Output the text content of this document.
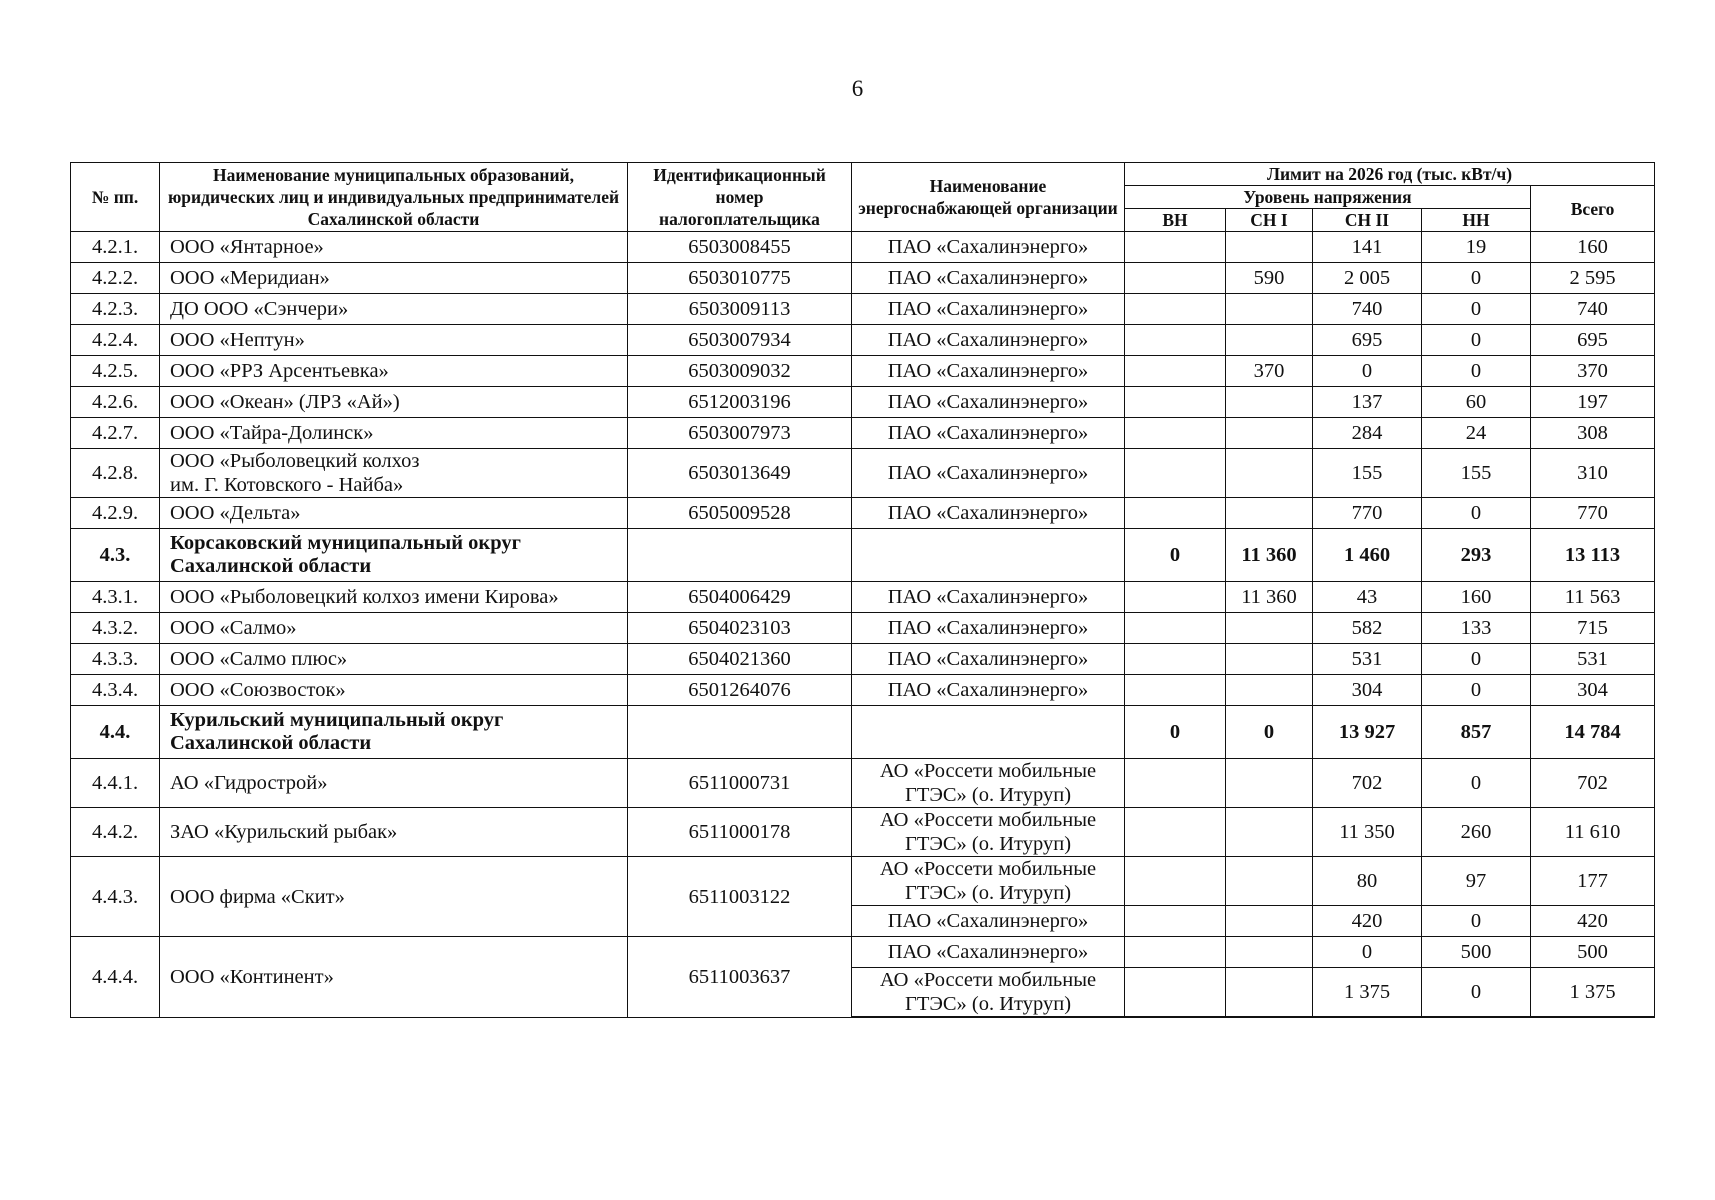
6
№ пп.	Наименование муниципальных образований, юридических лиц и индивидуальных предпринимателей Сахалинской области	Идентификационный номер налогоплательщика	Наименование энергоснабжающей организации	Лимит на 2026 год (тыс. кВт/ч)				
				Уровень напряжения				Всего
				ВН	СН I	СН II	НН	
4.2.1.	ООО «Янтарное»	6503008455	ПАО «Сахалинэнерго»			141	19	160
4.2.2.	ООО «Меридиан»	6503010775	ПАО «Сахалинэнерго»		590	2 005	0	2 595
4.2.3.	ДО ООО «Сэнчери»	6503009113	ПАО «Сахалинэнерго»			740	0	740
4.2.4.	ООО «Нептун»	6503007934	ПАО «Сахалинэнерго»			695	0	695
4.2.5.	ООО «РРЗ Арсентьевка»	6503009032	ПАО «Сахалинэнерго»		370	0	0	370
4.2.6.	ООО «Океан» (ЛРЗ «Ай»)	6512003196	ПАО «Сахалинэнерго»			137	60	197
4.2.7.	ООО «Тайра-Долинск»	6503007973	ПАО «Сахалинэнерго»			284	24	308
4.2.8.	ООО «Рыболовецкий колхоз
им. Г. Котовского - Найба»	6503013649	ПАО «Сахалинэнерго»			155	155	310
4.2.9.	ООО «Дельта»	6505009528	ПАО «Сахалинэнерго»			770	0	770
4.3.	Корсаковский муниципальный округ
Сахалинской области			0	11 360	1 460	293	13 113
4.3.1.	ООО «Рыболовецкий колхоз имени Кирова»	6504006429	ПАО «Сахалинэнерго»		11 360	43	160	11 563
4.3.2.	ООО «Салмо»	6504023103	ПАО «Сахалинэнерго»			582	133	715
4.3.3.	ООО «Салмо плюс»	6504021360	ПАО «Сахалинэнерго»			531	0	531
4.3.4.	ООО «Союзвосток»	6501264076	ПАО «Сахалинэнерго»			304	0	304
4.4.	Курильский муниципальный округ
Сахалинской области			0	0	13 927	857	14 784
4.4.1.	АО «Гидрострой»	6511000731	АО «Россети мобильные
ГТЭС» (о. Итуруп)			702	0	702
4.4.2.	ЗАО «Курильский рыбак»	6511000178	АО «Россети мобильные
ГТЭС» (о. Итуруп)			11 350	260	11 610
4.4.3.	ООО фирма «Скит»	6511003122	АО «Россети мобильные
ГТЭС» (о. Итуруп)			80	97	177
			ПАО «Сахалинэнерго»			420	0	420
4.4.4.	ООО «Континент»	6511003637	ПАО «Сахалинэнерго»			0	500	500
			АО «Россети мобильные
ГТЭС» (о. Итуруп)			1 375	0	1 375
